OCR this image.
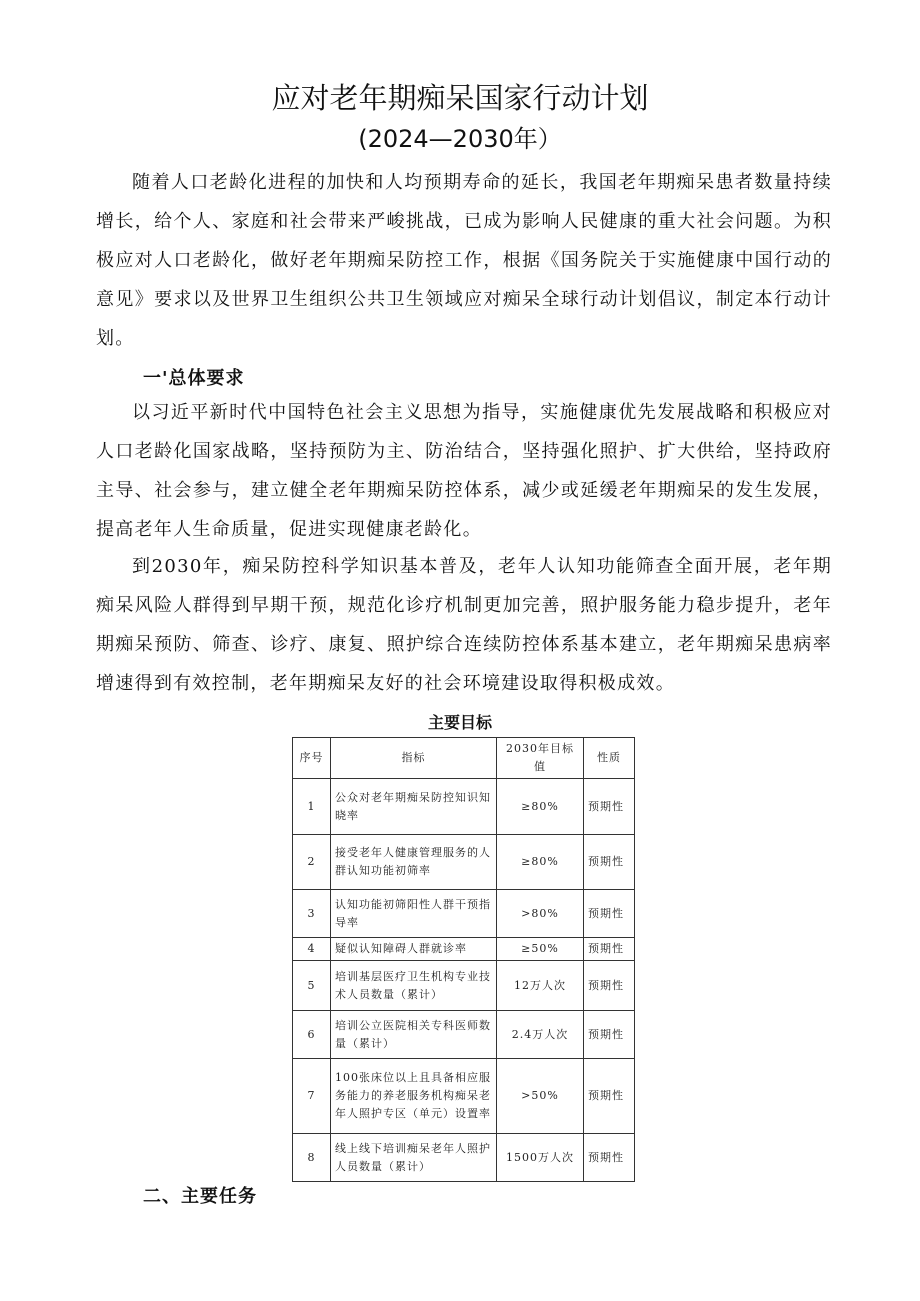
应对老年期痴呆国家行动计划
(2024—2030年）

随着人口老龄化进程的加快和人均预期寿命的延长，我国老年期痴呆患者数量持续增长，给个人、家庭和社会带来严峻挑战，已成为影响人民健康的重大社会问题。为积极应对人口老龄化，做好老年期痴呆防控工作，根据《国务院关于实施健康中国行动的意见》要求以及世界卫生组织公共卫生领域应对痴呆全球行动计划倡议，制定本行动计划。

一'总体要求

以习近平新时代中国特色社会主义思想为指导，实施健康优先发展战略和积极应对人口老龄化国家战略，坚持预防为主、防治结合，坚持强化照护、扩大供给，坚持政府主导、社会参与，建立健全老年期痴呆防控体系，减少或延缓老年期痴呆的发生发展，提高老年人生命质量，促进实现健康老龄化。

到2030年，痴呆防控科学知识基本普及，老年人认知功能筛查全面开展，老年期痴呆风险人群得到早期干预，规范化诊疗机制更加完善，照护服务能力稳步提升，老年期痴呆预防、筛查、诊疗、康复、照护综合连续防控体系基本建立，老年期痴呆患病率增速得到有效控制，老年期痴呆友好的社会环境建设取得积极成效。

主要目标
序号	指标	2030年目标值	性质
1	公众对老年期痴呆防控知识知晓率	≥80%	预期性
2	接受老年人健康管理服务的人群认知功能初筛率	≥80%	预期性
3	认知功能初筛阳性人群干预指导率	>80%	预期性
4	疑似认知障碍人群就诊率	≥50%	预期性
5	培训基层医疗卫生机构专业技术人员数量（累计）	12万人次	预期性
6	培训公立医院相关专科医师数量（累计）	2.4万人次	预期性
7	100张床位以上且具备相应服务能力的养老服务机构痴呆老年人照护专区（单元）设置率	>50%	预期性
8	线上线下培训痴呆老年人照护人员数量（累计）	1500万人次	预期性
二、主要任务
